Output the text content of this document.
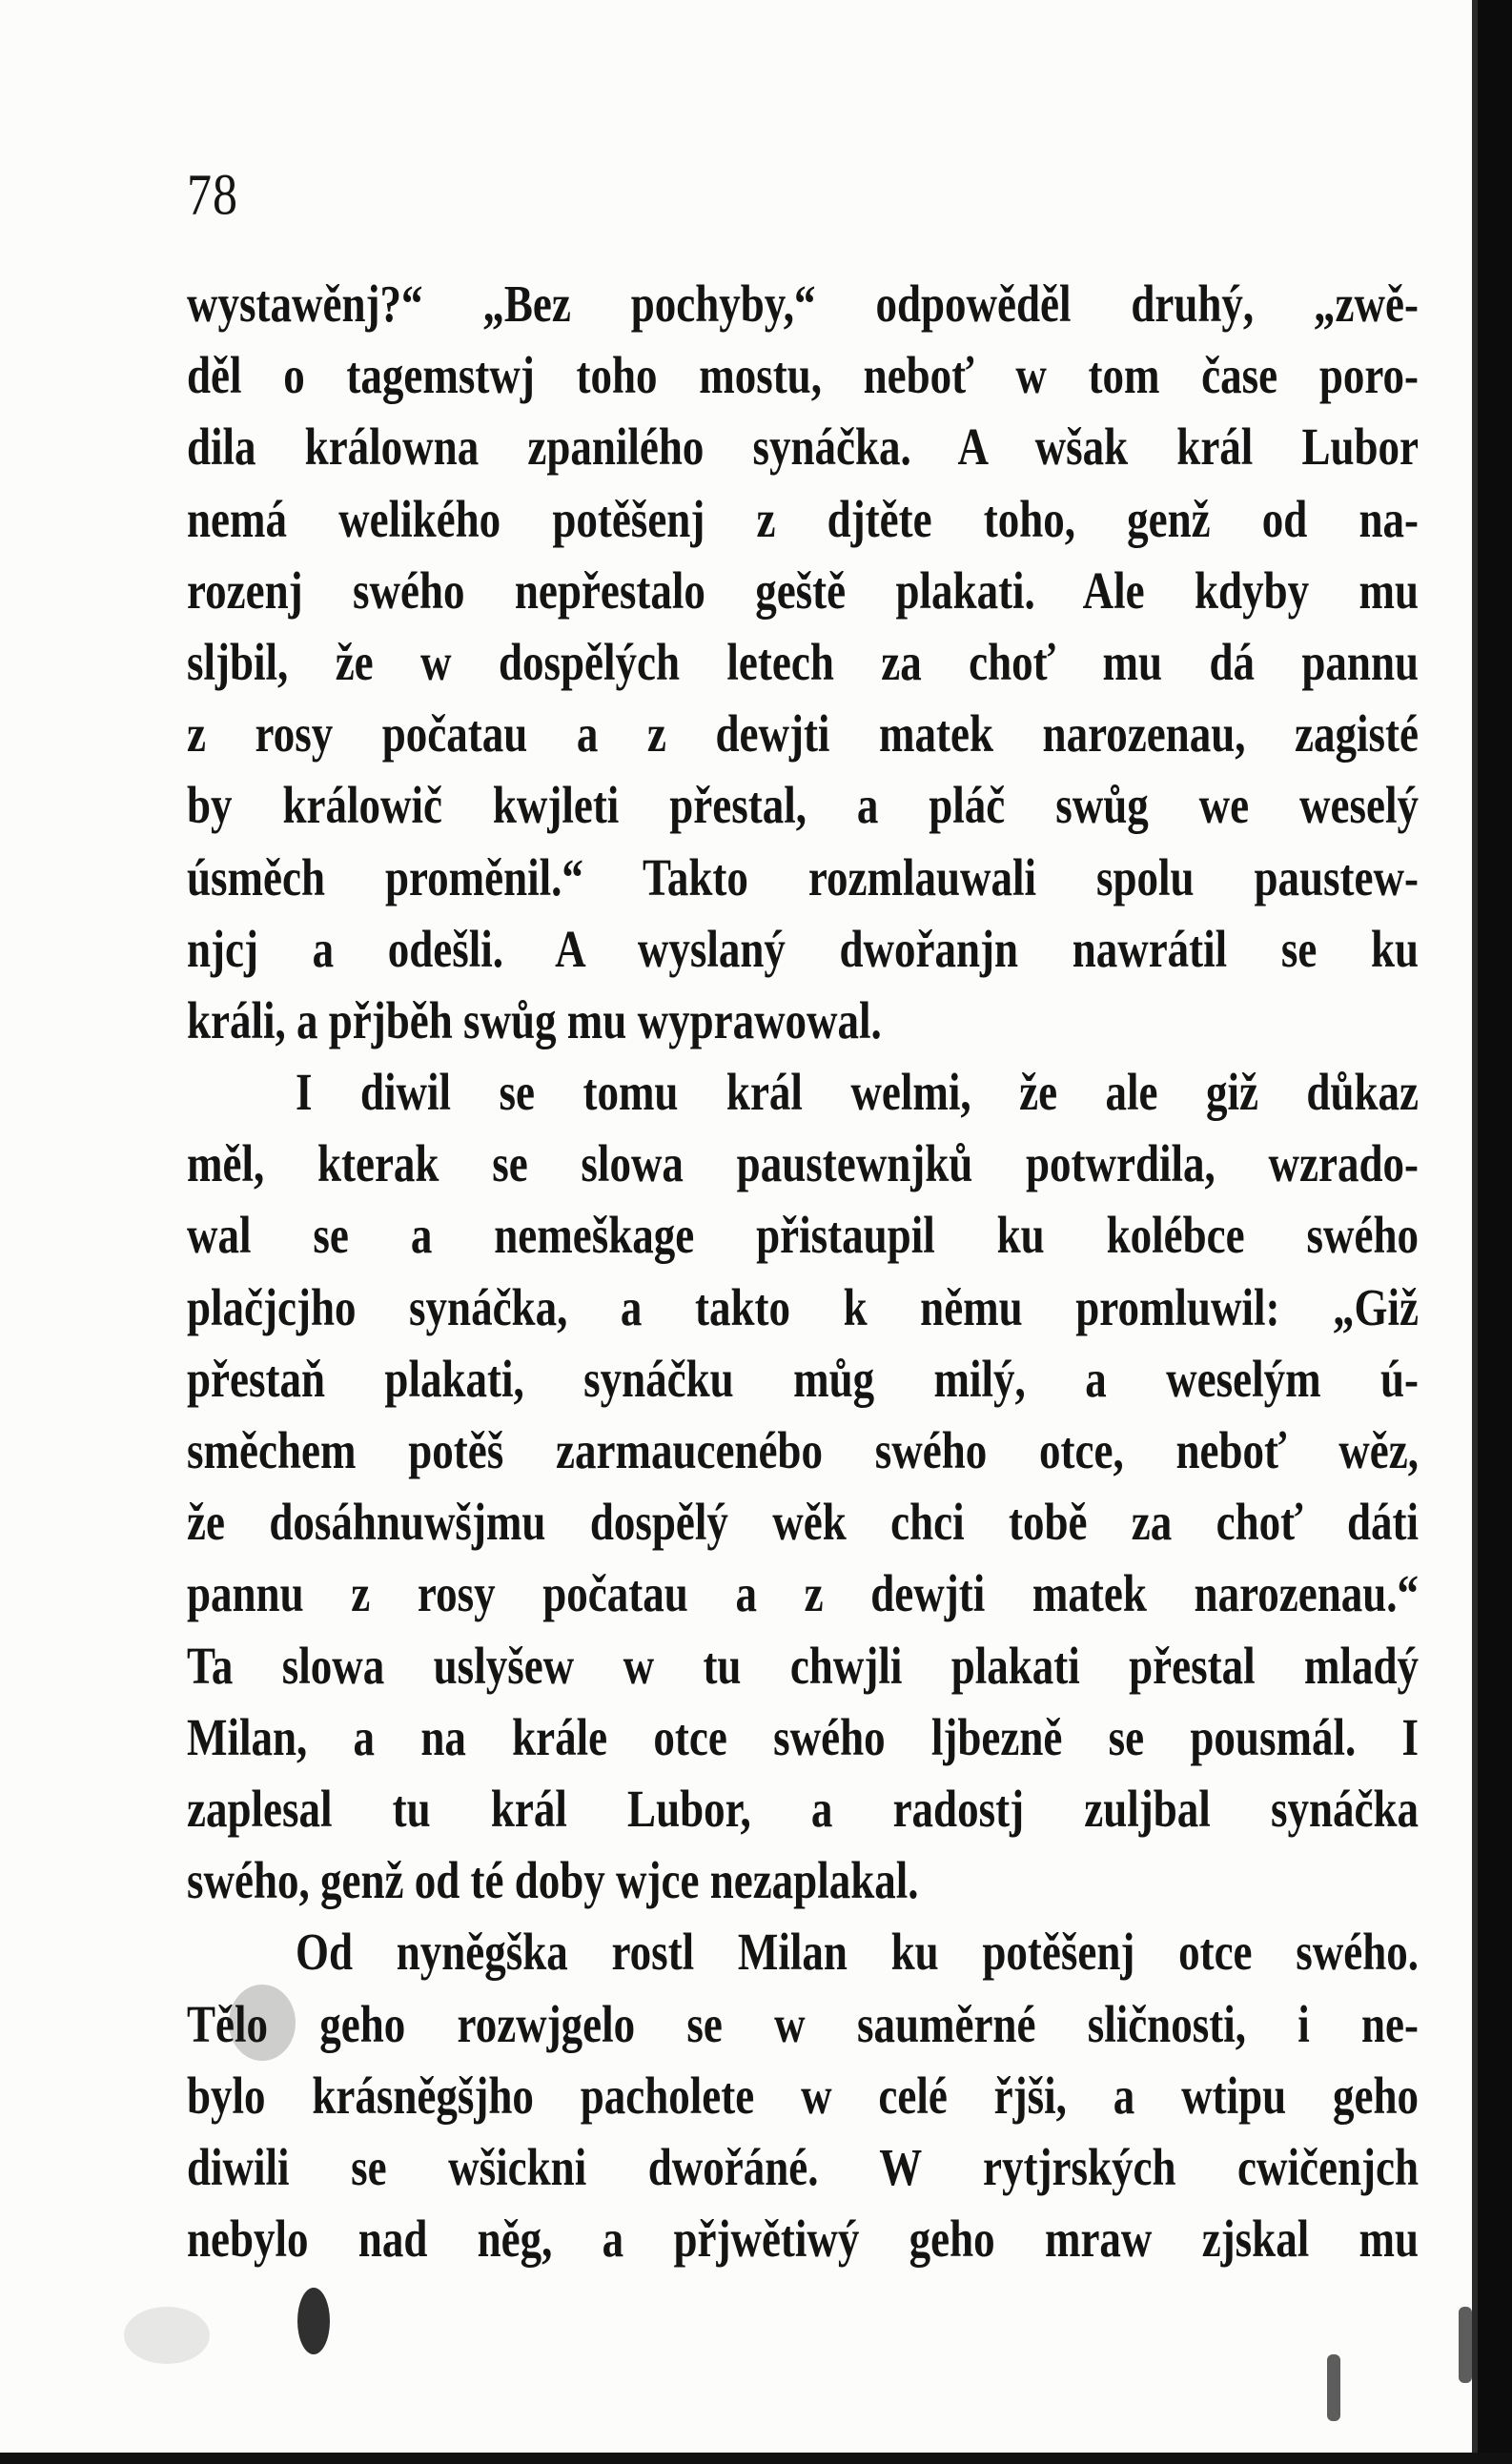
78
wystawěnj?“ „Bez pochyby,“ odpowěděl druhý, „zwě-
děl o tagemstwj toho mostu, neboť w tom čase poro-
dila králowna zpanilého synáčka. A wšak král Lubor
nemá welikého potěšenj z djtěte toho, genž od na-
rozenj swého nepřestalo geště plakati. Ale kdyby mu
sljbil, že w dospělých letech za choť mu dá pannu
z rosy počatau a z dewjti matek narozenau, zagisté
by králowič kwjleti přestal, a pláč swůg we weselý
úsměch proměnil.“ Takto rozmlauwali spolu paustew-
njcj a odešli. A wyslaný dwořanjn nawrátil se ku
králi, a přjběh swůg mu wyprawowal.
I diwil se tomu král welmi, že ale giž důkaz
měl, kterak se slowa paustewnjků potwrdila, wzrado-
wal se a nemeškage přistaupil ku kolébce swého
plačjcjho synáčka, a takto k němu promluwil: „Giž
přestaň plakati, synáčku můg milý, a weselým ú-
směchem potěš zarmaucenébo swého otce, neboť wěz,
že dosáhnuwšjmu dospělý wěk chci tobě za choť dáti
pannu z rosy počatau a z dewjti matek narozenau.“
Ta slowa uslyšew w tu chwjli plakati přestal mladý
Milan, a na krále otce swého ljbezně se pousmál. I
zaplesal tu král Lubor, a radostj zuljbal synáčka
swého, genž od té doby wjce nezaplakal.
Od nyněgška rostl Milan ku potěšenj otce swého.
Tělo geho rozwjgelo se w sauměrné sličnosti, i ne-
bylo krásněgšjho pacholete w celé řjši, a wtipu geho
diwili se wšickni dwořáné. W rytjrských cwičenjch
nebylo nad něg, a přjwětiwý geho mraw zjskal mu
